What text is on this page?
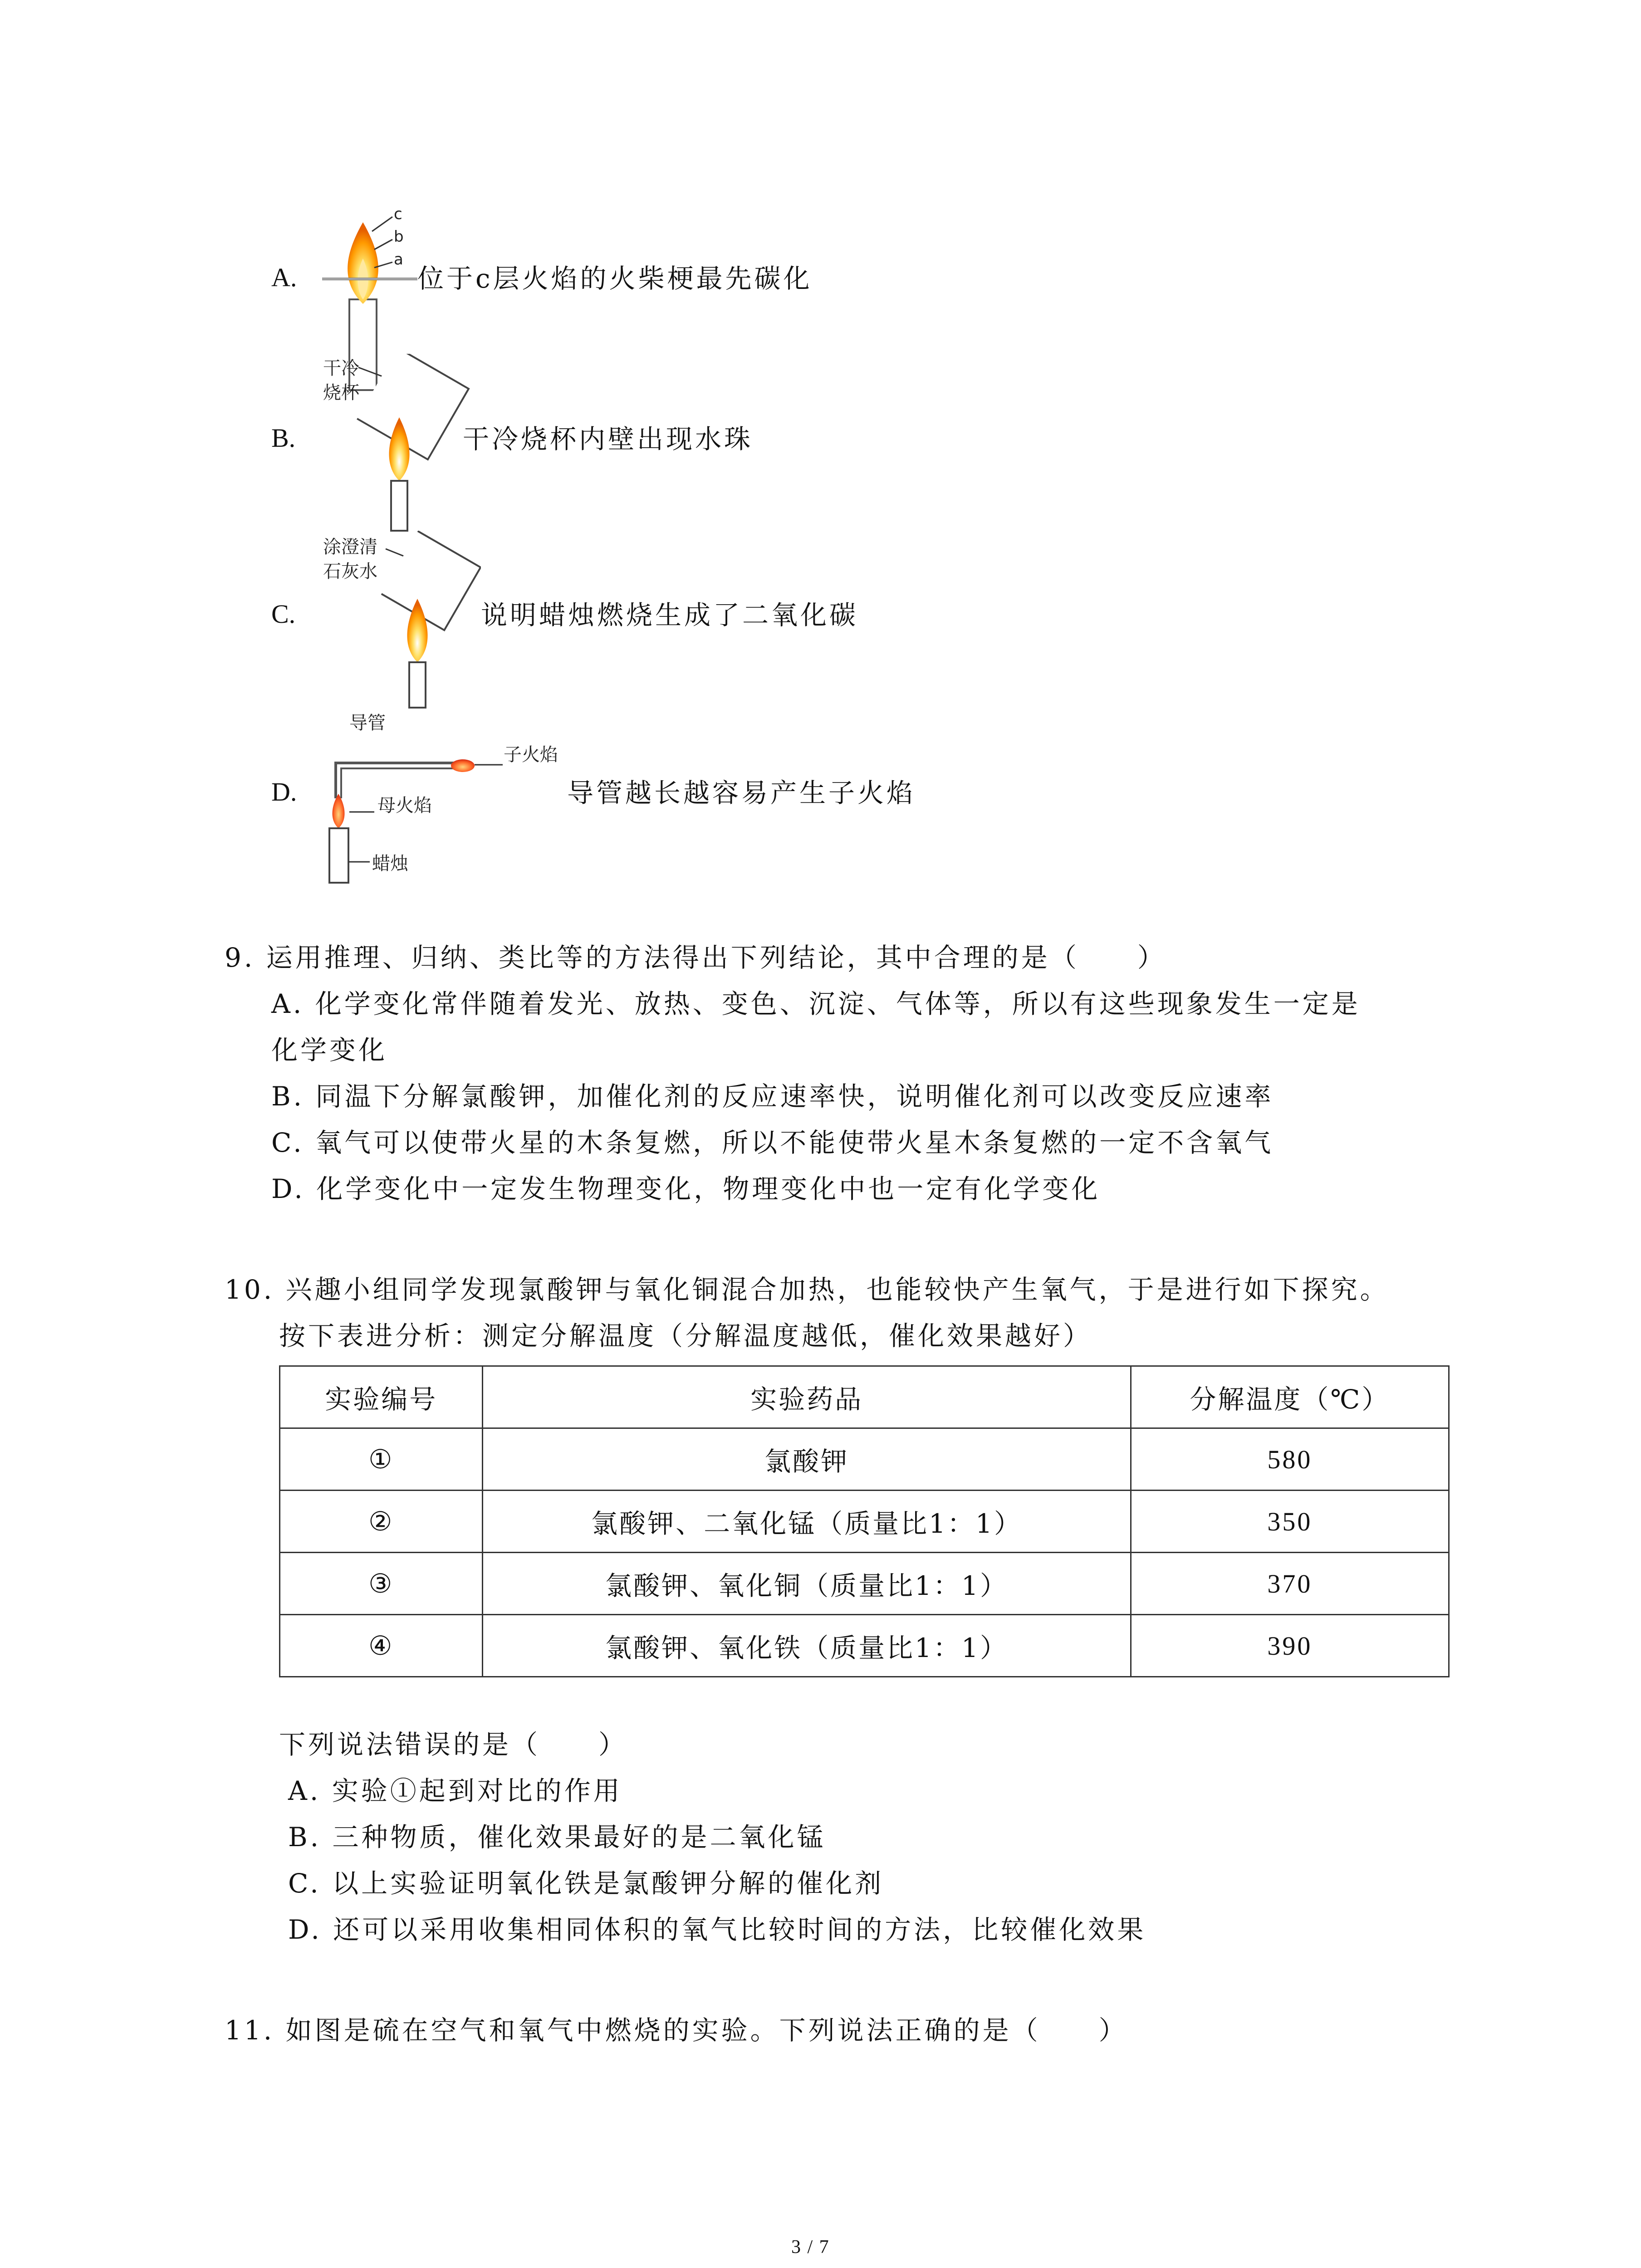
A.
c
b
a
位于c层火焰的火柴梗最先碳化
B.
干冷
烧杯
干冷烧杯内壁出现水珠
C.
涂澄清
石灰水
说明蜡烛燃烧生成了二氧化碳
D.
导管
子火焰
母火焰
蜡烛
导管越长越容易产生子火焰
9. 运用推理、归纳、类比等的方法得出下列结论，其中合理的是（　　）
A. 化学变化常伴随着发光、放热、变色、沉淀、气体等，所以有这些现象发生一定是
化学变化
B. 同温下分解氯酸钾，加催化剂的反应速率快，说明催化剂可以改变反应速率
C. 氧气可以使带火星的木条复燃，所以不能使带火星木条复燃的一定不含氧气
D. 化学变化中一定发生物理变化，物理变化中也一定有化学变化
10. 兴趣小组同学发现氯酸钾与氧化铜混合加热，也能较快产生氧气，于是进行如下探究。
按下表进分析：测定分解温度（分解温度越低，催化效果越好）
实验编号	实验药品	分解温度（℃）
①	氯酸钾	580
②	氯酸钾、二氧化锰（质量比1：1）	350
③	氯酸钾、氧化铜（质量比1：1）	370
④	氯酸钾、氧化铁（质量比1：1）	390
下列说法错误的是（　　）
A. 实验①起到对比的作用
B. 三种物质，催化效果最好的是二氧化锰
C. 以上实验证明氧化铁是氯酸钾分解的催化剂
D. 还可以采用收集相同体积的氧气比较时间的方法，比较催化效果
11. 如图是硫在空气和氧气中燃烧的实验。下列说法正确的是（　　）
3 / 7
